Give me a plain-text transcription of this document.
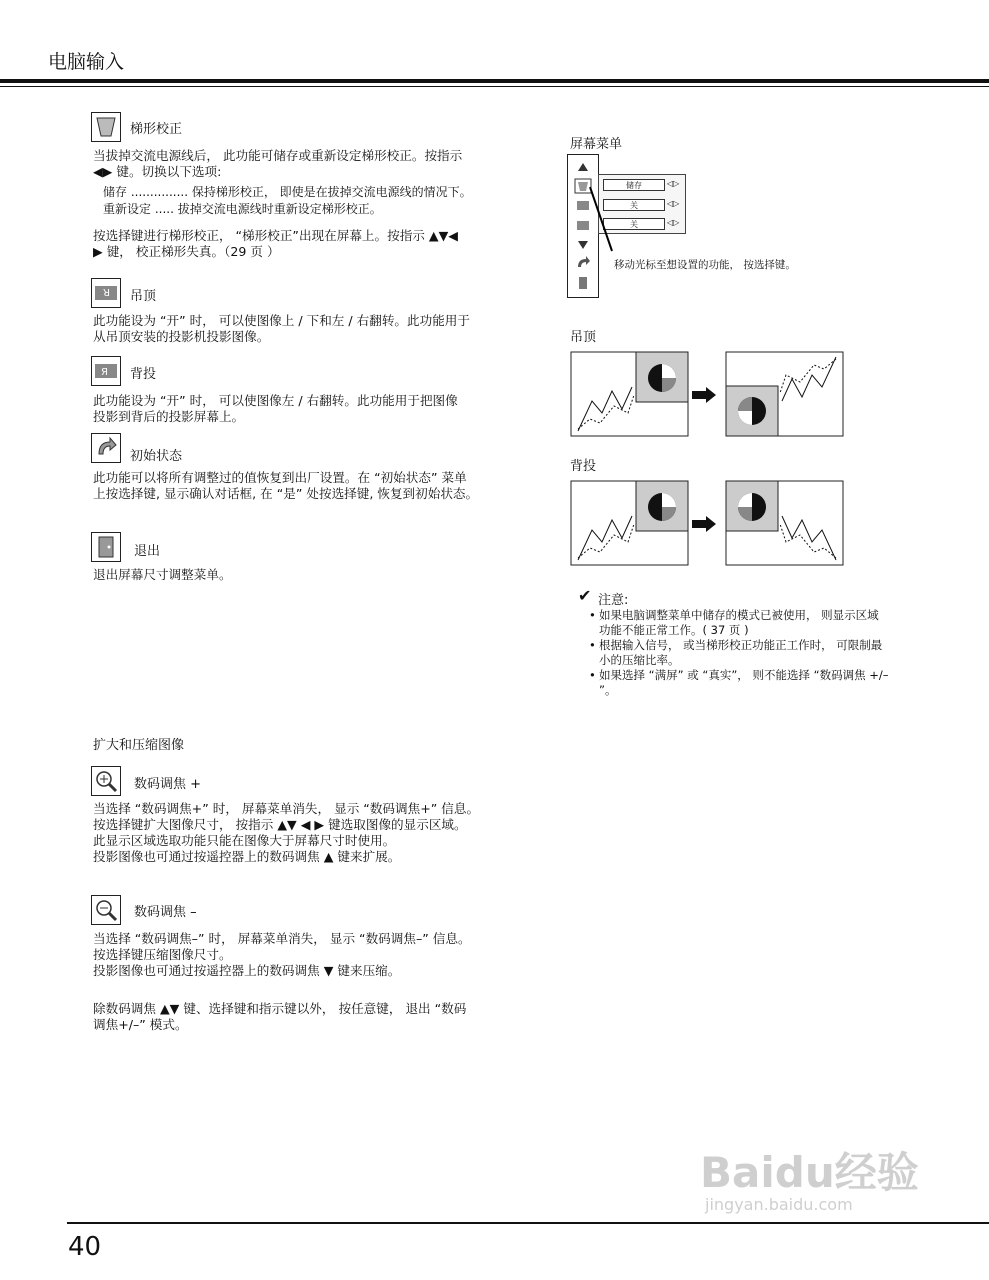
电脑输入
梯形校正
当拔掉交流电源线后， 此功能可储存或重新设定梯形校正。按指示
◀▶ 键。切换以下选项:
储存 ............... 保持梯形校正， 即使是在拔掉交流电源线的情况下。
重新设定 ..... 拔掉交流电源线时重新设定梯形校正。
按选择键进行梯形校正， “梯形校正”出现在屏幕上。按指示 ▲▼◀
▶ 键， 校正梯形失真。（29 页 ）
R 吊顶
此功能设为 “开” 时， 可以使图像上 / 下和左 / 右翻转。此功能用于
从吊顶安装的投影机投影图像。
Я 背投
此功能设为 “开” 时， 可以使图像左 / 右翻转。此功能用于把图像
投影到背后的投影屏幕上。
初始状态
此功能可以将所有调整过的值恢复到出厂设置。在 “初始状态” 菜单
上按选择键, 显示确认对话框, 在 “是” 处按选择键, 恢复到初始状态。
退出
退出屏幕尺寸调整菜单。
扩大和压缩图像
数码调焦 +
当选择 “数码调焦+” 时， 屏幕菜单消失， 显示 “数码调焦+” 信息。
按选择键扩大图像尺寸， 按指示 ▲▼ ◀ ▶ 键选取图像的显示区域。
此显示区域选取功能只能在图像大于屏幕尺寸时使用。
投影图像也可通过按遥控器上的数码调焦 ▲ 键来扩展。
数码调焦 –
当选择 “数码调焦–” 时， 屏幕菜单消失， 显示 “数码调焦–” 信息。
按选择键压缩图像尺寸。
投影图像也可通过按遥控器上的数码调焦 ▼ 键来压缩。
除数码调焦 ▲▼ 键、选择键和指示键以外， 按任意键， 退出 “数码
调焦+/–” 模式。
屏幕菜单
储存	◁▷
关	◁▷
关	◁▷
移动光标至想设置的功能， 按选择键。
吊顶
背投
✔ 注意:
• 如果电脑调整菜单中储存的模式已被使用， 则显示区域功能不能正常工作。( 37 页 )
• 根据输入信号， 或当梯形校正功能正工作时， 可限制最小的压缩比率。
• 如果选择 “满屏” 或 “真实”， 则不能选择 “数码调焦 +/– ”。
Baidu经验
jingyan.baidu.com
40
